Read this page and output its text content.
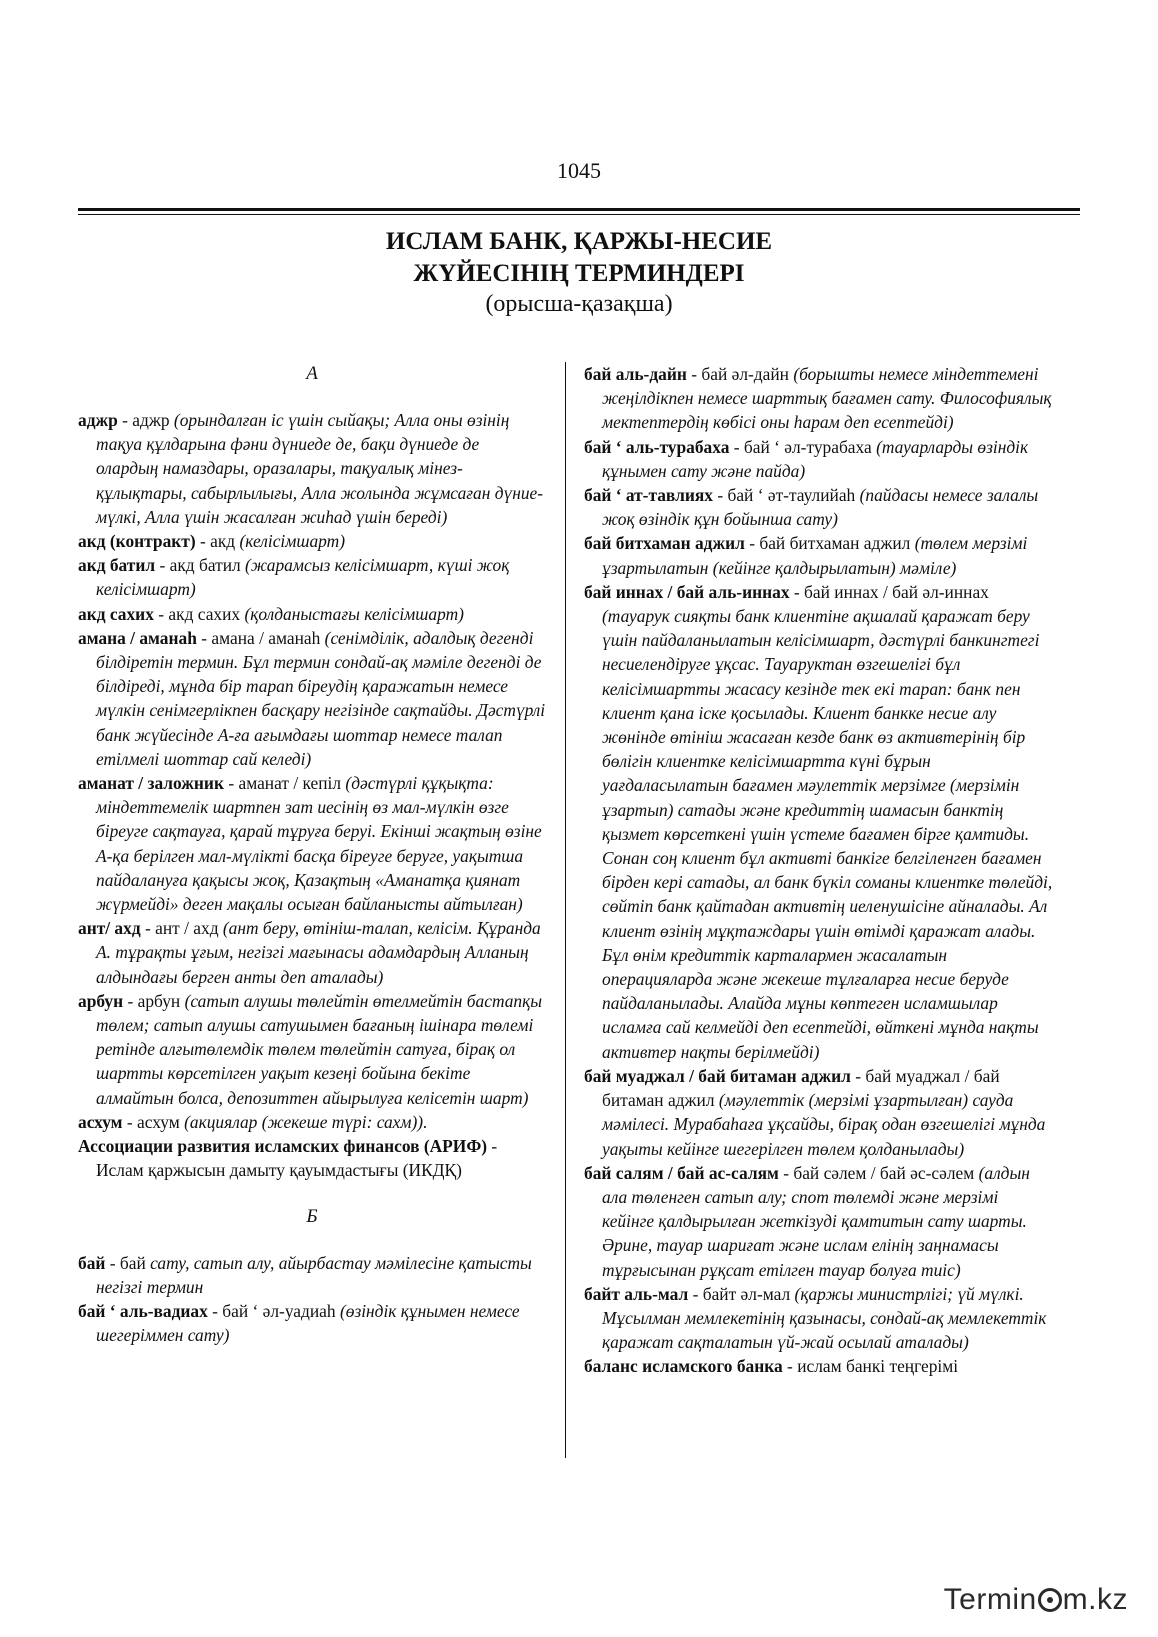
1045
ИСЛАМ БАНК, ҚАРЖЫ-НЕСИЕ
ЖҮЙЕСІНІҢ ТЕРМИНДЕРІ
(орысша-қазақша)
А

аджр - аджр (орындалған іс үшін сыйақы; Алла оны өзінің тақуа құлдарына фәни дүниеде де, бақи дүниеде де олардың намаздары, оразалары, тақуалық мінез-құлықтары, сабырлылығы, Алла жолында жұмсаған дүние-мүлкі, Алла үшін жасалған жиһад үшін береді)

акд (контракт) - акд (келісімшарт)

акд батил - акд батил (жарамсыз келісімшарт, күші жоқ келісімшарт)

акд сахих - акд сахих (қолданыстағы келісімшарт)

амана / аманаh - амана / аманаһ (сенімділік, адалдық дегенді білдіретін термин. Бұл термин сондай-ақ мәміле дегенді де білдіреді, мұнда бір тарап біреудің қаражатын немесе мүлкін сенімгерлікпен басқару негізінде сақтайды. Дәстүрлі банк жүйесінде А-ға ағымдағы шоттар немесе талап етілмелі шоттар сай келеді)

аманат / заложник - аманат / кепіл (дәстүрлі құқықта: міндеттемелік шартпен зат иесінің өз мал-мүлкін өзге біреуге сақтауға, қарай тұруға беруі. Екінші жақтың өзіне А-қа берілген мал-мүлікті басқа біреуге беруге, уақытша пайдалануға қақысы жоқ, Қазақтың «Аманатқа қиянат жүрмейді» деген мақалы осыған байланысты айтылған)

ант/ ахд - ант / ахд (ант беру, өтініш-талап, келісім. Құранда А. тұрақты ұғым, негізгі мағынасы адамдардың Алланың алдындағы берген анты деп аталады)

арбун - арбун (сатып алушы төлейтін өтелмейтін бастапқы төлем; сатып алушы сатушымен бағаның ішінара төлемі ретінде алғытөлемдік төлем төлейтін сатуға, бірақ ол шартты көрсетілген уақыт кезеңі бойына бекіте алмайтын болса, депозиттен айырылуға келісетін шарт)

асхум - асхум (акциялар (жекеше түрі: сахм)).

Ассоциации развития исламских финансов (АРИФ) - Ислам қаржысын дамыту қауымдастығы (ИКДҚ)

Б

бай - бай сату, сатып алу, айырбастау мәмілесіне қатысты негізгі термин

бай ‘ аль-вадиах - бай ‘ әл-уадиаһ (өзіндік құнымен немесе шегеріммен сату)

бай аль-дайн - бай әл-дайн (борышты немесе міндеттемені жеңілдікпен немесе шарттық бағамен сату. Философиялық мектептердің көбісі оны һарам деп есептейді)

бай ‘ аль-турабаха - бай ‘ әл-турабаха (тауарларды өзіндік құнымен сату және пайда)

бай ‘ ат-тавлиях - бай ‘ әт-таулийаһ (пайдасы немесе залалы жоқ өзіндік құн бойынша сату)

бай битхаман аджил - бай битхаман аджил (төлем мерзімі ұзартылатын (кейінге қалдырылатын) мәміле)

бай иннах / бай аль-иннах - бай иннах / бай әл-иннах (тауарук сияқты банк клиентіне ақшалай қаражат беру үшін пайдаланылатын келісімшарт, дәстүрлі банкингтегі несиелендіруге ұқсас. Тауаруктан өзгешелігі бұл келісімшартты жасасу кезінде тек екі тарап: банк пен клиент қана іске қосылады. Клиент банкке несие алу жөнінде өтініш жасаған кезде банк өз активтерінің бір бөлігін клиентке келісімшартта күні бұрын уағдаласылатын бағамен мәулеттік мерзімге (мерзімін ұзартып) сатады және кредиттің шамасын банктің қызмет көрсеткені үшін үстеме бағамен бірге қамтиды. Сонан соң клиент бұл активті банкіге белгіленген бағамен бірден кері сатады, ал банк бүкіл соманы клиентке төлейді, сөйтіп банк қайтадан активтің иеленушісіне айналады. Ал клиент өзінің мұқтаждары үшін өтімді қаражат алады. Бұл өнім кредиттік карталармен жасалатын операцияларда және жекеше тұлғаларға несие беруде пайдаланылады. Алайда мұны көптеген исламшылар исламға сай келмейді деп есептейді, өйткені мұнда нақты активтер нақты берілмейді)

бай муаджал / бай битаман аджил - бай муаджал / бай битаман аджил (мәулеттік (мерзімі ұзартылған) сауда мәмілесі. Мурабаһаға ұқсайды, бірақ одан өзгешелігі мұнда уақыты кейінге шегерілген төлем қолданылады)

бай салям / бай ас-салям - бай сәлем / бай әс-сәлем (алдын ала төленген сатып алу; спот төлемді және мерзімі кейінге қалдырылған жеткізуді қамтитын сату шарты. Әрине, тауар шариғат және ислам елінің заңнамасы тұрғысынан рұқсат етілген тауар болуға тиіс)

байт аль-мал - байт әл-мал (қаржы министрлігі; үй мүлкі. Мұсылман мемлекетінің қазынасы, сондай-ақ мемлекеттік қаражат сақталатын үй-жай осылай аталады)

баланс исламского банка - ислам банкі теңгерімі

Termin m.kz
